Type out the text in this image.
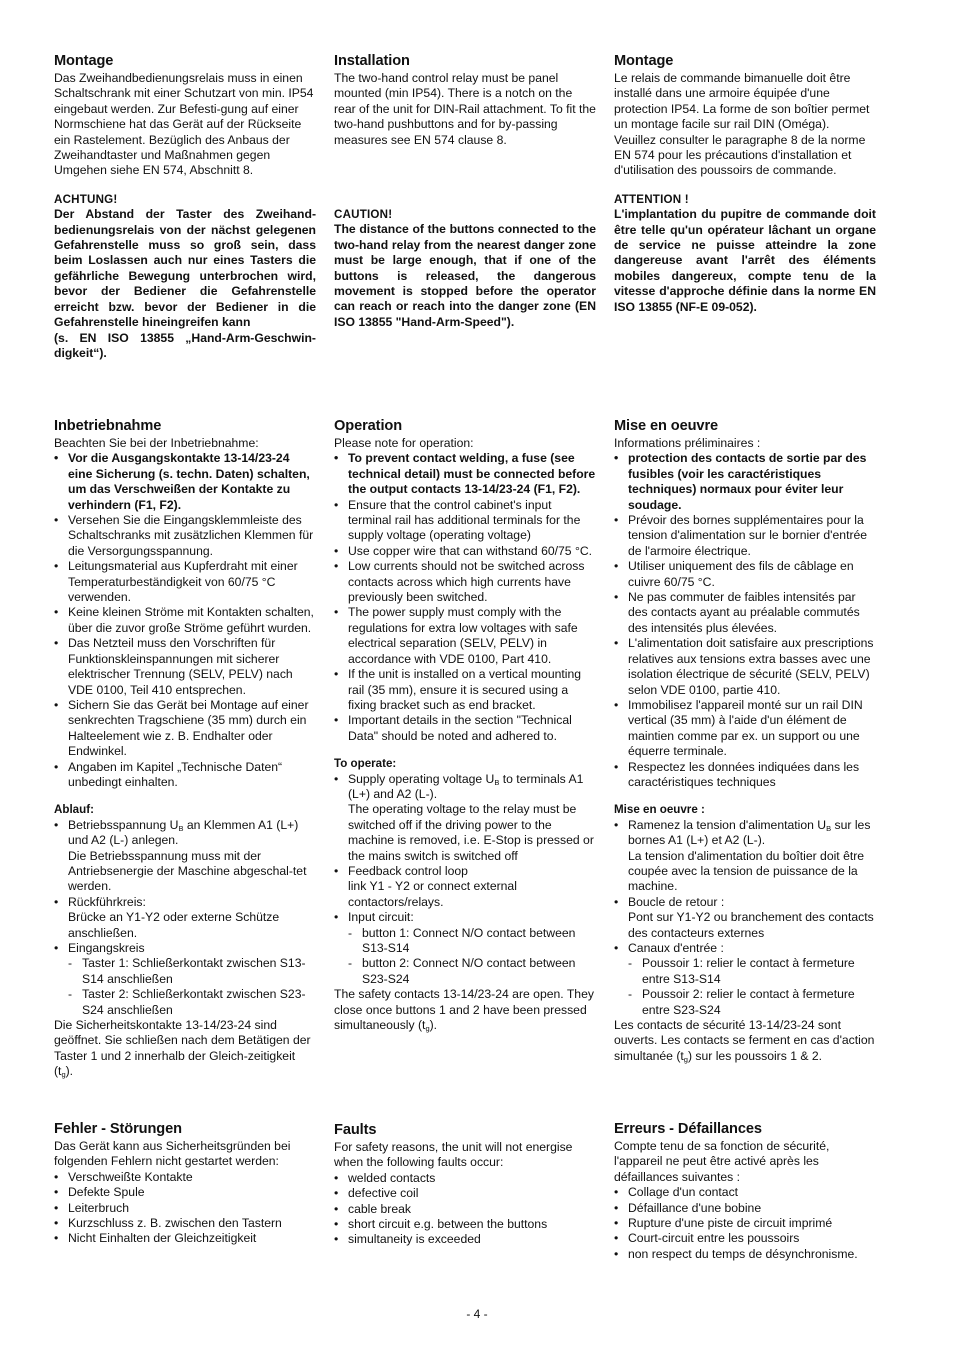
Montage

Das Zweihandbedienungsrelais muss in einen Schaltschrank mit einer Schutzart von min. IP54 eingebaut werden. Zur Befesti-gung auf einer Normschiene hat das Gerät auf der Rückseite ein Rastelement. Bezüglich des Anbaus der Zweihandtaster und Maßnahmen gegen Umgehen siehe EN 574, Abschnitt 8.

ACHTUNG!

Der Abstand der Taster des Zweihand-bedienungsrelais von der nächst gelegenen Gefahrenstelle muss so groß sein, dass beim Loslassen auch nur eines Tasters die gefährliche Bewegung unterbrochen wird, bevor der Bediener die Gefahrenstelle erreicht bzw. bevor der Bediener in die Gefahrenstelle hineingreifen kann

(s. EN ISO 13855 „Hand-Arm-Geschwin-digkeit“).

Inbetriebnahme

Beachten Sie bei der Inbetriebnahme:

• Vor die Ausgangskontakte 13-14/23-24 eine Sicherung (s. techn. Daten) schalten, um das Verschweißen der Kontakte zu verhindern (F1, F2).
• Versehen Sie die Eingangsklemmleiste des Schaltschranks mit zusätzlichen Klemmen für die Versorgungsspannung.
• Leitungsmaterial aus Kupferdraht mit einer Temperaturbeständigkeit von 60/75 °C verwenden.
• Keine kleinen Ströme mit Kontakten schalten, über die zuvor große Ströme geführt wurden.
• Das Netzteil muss den Vorschriften für Funktionskleinspannungen mit sicherer elektrischer Trennung (SELV, PELV) nach VDE 0100, Teil 410 entsprechen.
• Sichern Sie das Gerät bei Montage auf einer senkrechten Tragschiene (35 mm) durch ein Halteelement wie z. B. Endhalter oder Endwinkel.
• Angaben im Kapitel „Technische Daten“ unbedingt einhalten.

Ablauf:

• Betriebsspannung $U_B$ an Klemmen A1 (L+) und A2 (L-) anlegen.
Die Betriebsspannung muss mit der Antriebsenergie der Maschine abgeschal-tet werden.
• Rückführkreis:
Brücke an Y1-Y2 oder externe Schütze anschließen.
• Eingangskreis
- Taster 1: Schließerkontakt zwischen S13-S14 anschließen
- Taster 2: Schließerkontakt zwischen S23-S24 anschließen

Die Sicherheitskontakte 13-14/23-24 sind geöffnet. Sie schließen nach dem Betätigen der Taster 1 und 2 innerhalb der Gleich-zeitigkeit $(t_g)$.

Fehler - Störungen

Das Gerät kann aus Sicherheitsgründen bei folgenden Fehlern nicht gestartet werden:

• Verschweißte Kontakte
• Defekte Spule
• Leiterbruch
• Kurzschluss z. B. zwischen den Tastern
• Nicht Einhalten der Gleichzeitigkeit
Installation

The two-hand control relay must be panel mounted (min IP54). There is a notch on the rear of the unit for DIN-Rail attachment. To fit the two-hand pushbuttons and for by-passing measures see EN 574 clause 8.

CAUTION!

The distance of the buttons connected to the two-hand relay from the nearest danger zone must be large enough, that if one of the buttons is released, the dangerous movement is stopped before the operator can reach or reach into the danger zone (EN ISO 13855 "Hand-Arm-Speed").

Operation

Please note for operation:

• To prevent contact welding, a fuse (see technical detail) must be connected before the output contacts 13-14/23-24 (F1, F2).
• Ensure that the control cabinet's input terminal rail has additional terminals for the supply voltage (operating voltage)
• Use copper wire that can withstand 60/75 °C.
• Low currents should not be switched across contacts across which high currents have previously been switched.
• The power supply must comply with the regulations for extra low voltages with safe electrical separation (SELV, PELV) in accordance with VDE 0100, Part 410.
• If the unit is installed on a vertical mounting rail (35 mm), ensure it is secured using a fixing bracket such as end bracket.
• Important details in the section "Technical Data" should be noted and adhered to.

To operate:

• Supply operating voltage $U_B$ to terminals A1 (L+) and A2 (L-).
The operating voltage to the relay must be switched off if the driving power to the machine is removed, i.e. E-Stop is pressed or the mains switch is switched off
• Feedback control loop
link Y1 - Y2 or connect external contactors/relays.
• Input circuit:
- button 1: Connect N/O contact between S13-S14
- button 2: Connect N/O contact between S23-S24

The safety contacts 13-14/23-24 are open. They close once buttons 1 and 2 have been pressed simultaneously $(t_g)$.

Faults

For safety reasons, the unit will not energise when the following faults occur:

• welded contacts
• defective coil
• cable break
• short circuit e.g. between the buttons
• simultaneity is exceeded
Montage

Le relais de commande bimanuelle doit être installé dans une armoire équipée d'une protection IP54. La forme de son boîtier permet un montage facile sur rail DIN (Oméga).

Veuillez consulter le paragraphe 8 de la norme EN 574 pour les précautions d'installation et d'utilisation des poussoirs de commande.

ATTENTION !

L'implantation du pupitre de commande doit être telle qu'un opérateur lâchant un organe de service ne puisse atteindre la zone dangereuse avant l'arrêt des éléments mobiles dangereux, compte tenu de la vitesse d'approche définie dans la norme EN ISO 13855 (NF-E 09-052).

Mise en oeuvre

Informations préliminaires :

• protection des contacts de sortie par des fusibles (voir les caractéristiques techniques) normaux pour éviter leur soudage.
• Prévoir des bornes supplémentaires pour la tension d'alimentation sur le bornier d'entrée de l'armoire électrique.
• Utiliser uniquement des fils de câblage en cuivre 60/75 °C.
• Ne pas commuter de faibles intensités par des contacts ayant au préalable commutés des intensités plus élevées.
• L'alimentation doit satisfaire aux prescriptions relatives aux tensions extra basses avec une isolation électrique de sécurité (SELV, PELV) selon VDE 0100, partie 410.
• Immobilisez l'appareil monté sur un rail DIN vertical (35 mm) à l'aide d'un élément de maintien comme par ex. un support ou une équerre terminale.
• Respectez les données indiquées dans les caractéristiques techniques

Mise en oeuvre :

• Ramenez la tension d'alimentation $U_B$ sur les bornes A1 (L+) et A2 (L-).
La tension d'alimentation du boîtier doit être coupée avec la tension de puissance de la machine.
• Boucle de retour :
Pont sur Y1-Y2 ou branchement des contacts des contacteurs externes
• Canaux d'entrée :
- Poussoir 1: relier le contact à fermeture entre S13-S14
- Poussoir 2: relier le contact à fermeture entre S23-S24

Les contacts de sécurité 13-14/23-24 sont ouverts. Les contacts se ferment en cas d'action simultanée $(t_g)$ sur les poussoirs 1 & 2.

Erreurs - Défaillances

Compte tenu de sa fonction de sécurité, l'appareil ne peut être activé après les défaillances suivantes :

• Collage d'un contact
• Défaillance d'une bobine
• Rupture d'une piste de circuit imprimé
• Court-circuit entre les poussoirs
• non respect du temps de désynchronisme.
- 4 -
